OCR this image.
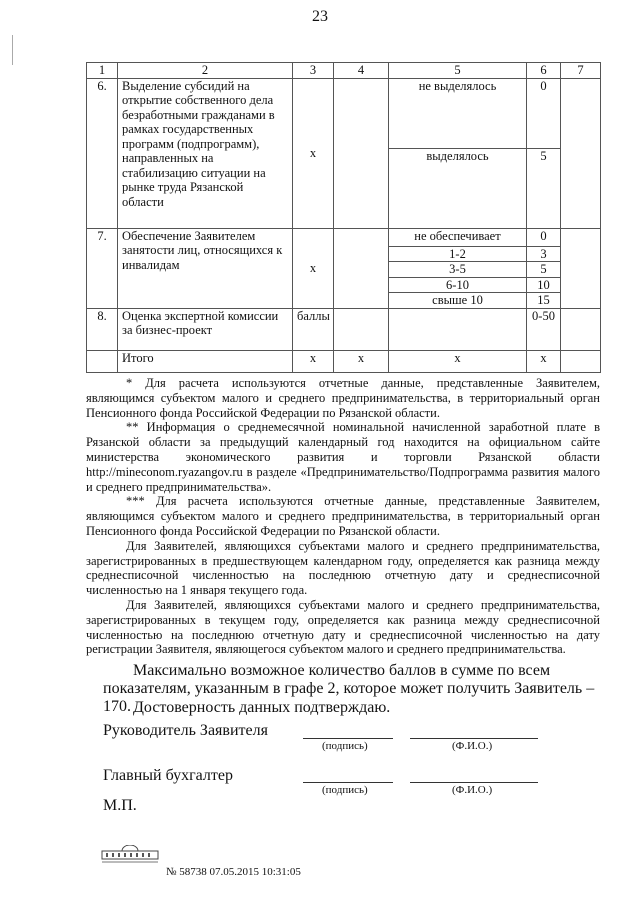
23
1	2	3	4	5	6	7
6.	Выделение субсидий на открытие собственного дела безработными гражданами в рамках государственных программ (подпрограмм), направленных на стабилизацию ситуации на рынке труда Рязанской области	x		не выделялось	0	
				выделялось	5	
7.	Обеспечение Заявителем занятости лиц, относящихся к инвалидам	x		не обеспечивает	0	
				1-2	3	
				3-5	5	
				6-10	10	
				свыше 10	15	
8.	Оценка экспертной комиссии за бизнес-проект	баллы			0-50	
	Итого	x	x	x	x	

* Для расчета используются отчетные данные, представленные Заявителем, являющимся субъектом малого и среднего предпринимательства, в территориальный орган Пенсионного фонда Российской Федерации по Рязанской области.

** Информация о среднемесячной номинальной начисленной заработной плате в Рязанской области за предыдущий календарный год находится на официальном сайте министерства экономического развития и торговли Рязанской области http://mineconom.ryazangov.ru в разделе «Предпринимательство/Подпрограмма развития малого и среднего предпринимательства».

*** Для расчета используются отчетные данные, представленные Заявителем, являющимся субъектом малого и среднего предпринимательства, в территориальный орган Пенсионного фонда Российской Федерации по Рязанской области.

Для Заявителей, являющихся субъектами малого и среднего предпринимательства, зарегистрированных в предшествующем календарном году, определяется как разница между среднесписочной численностью на последнюю отчетную дату и среднесписочной численностью на 1 января текущего года.

Для Заявителей, являющихся субъектами малого и среднего предпринимательства, зарегистрированных в текущем году, определяется как разница между среднесписочной численностью на последнюю отчетную дату и среднесписочной численностью на дату регистрации Заявителя, являющегося субъектом малого и среднего предпринимательства.

Максимально возможное количество баллов в сумме по всем показателям, указанным в графе 2, которое может получить Заявитель – 170. Достоверность данных подтверждаю.
Руководитель Заявителя
(подпись)	(Ф.И.О.)
Главный бухгалтер
(подпись)	(Ф.И.О.)
М.П.
№ 58738 07.05.2015 10:31:05
